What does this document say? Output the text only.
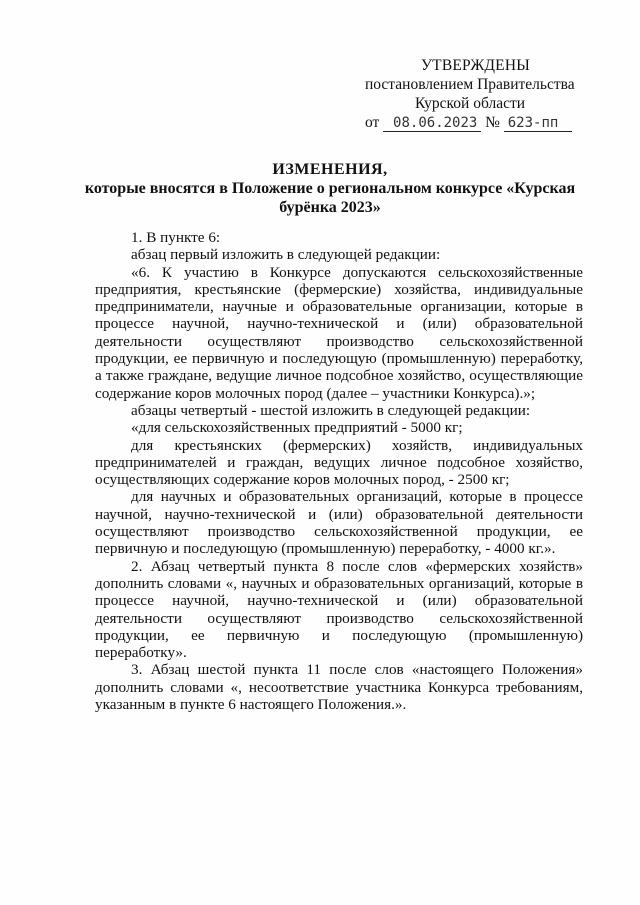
УТВЕРЖДЕНЫ
постановлением Правительства
Курской области
от 08.06.2023 № 623-пп
ИЗМЕНЕНИЯ,
которые вносятся в Положение о региональном конкурсе «Курская бурёнка 2023»

1. В пункте 6:

абзац первый изложить в следующей редакции:

«6. К участию в Конкурсе допускаются сельскохозяйственные предприятия, крестьянские (фермерские) хозяйства, индивидуальные предприниматели, научные и образовательные организации, которые в процессе научной, научно-технической и (или) образовательной деятельности осуществляют производство сельскохозяйственной продукции, ее первичную и последующую (промышленную) переработку, а также граждане, ведущие личное подсобное хозяйство, осуществляющие содержание коров молочных пород (далее – участники Конкурса).»;

абзацы четвертый - шестой изложить в следующей редакции:

«для сельскохозяйственных предприятий - 5000 кг;

для крестьянских (фермерских) хозяйств, индивидуальных предпринимателей и граждан, ведущих личное подсобное хозяйство, осуществляющих содержание коров молочных пород, - 2500 кг;

для научных и образовательных организаций, которые в процессе научной, научно-технической и (или) образовательной деятельности осуществляют производство сельскохозяйственной продукции, ее первичную и последующую (промышленную) переработку, - 4000 кг.».

2. Абзац четвертый пункта 8 после слов «фермерских хозяйств» дополнить словами «, научных и образовательных организаций, которые в процессе научной, научно-технической и (или) образовательной деятельности осуществляют производство сельскохозяйственной продукции, ее первичную и последующую (промышленную) переработку».

3. Абзац шестой пункта 11 после слов «настоящего Положения» дополнить словами «, несоответствие участника Конкурса требованиям, указанным в пункте 6 настоящего Положения.».
